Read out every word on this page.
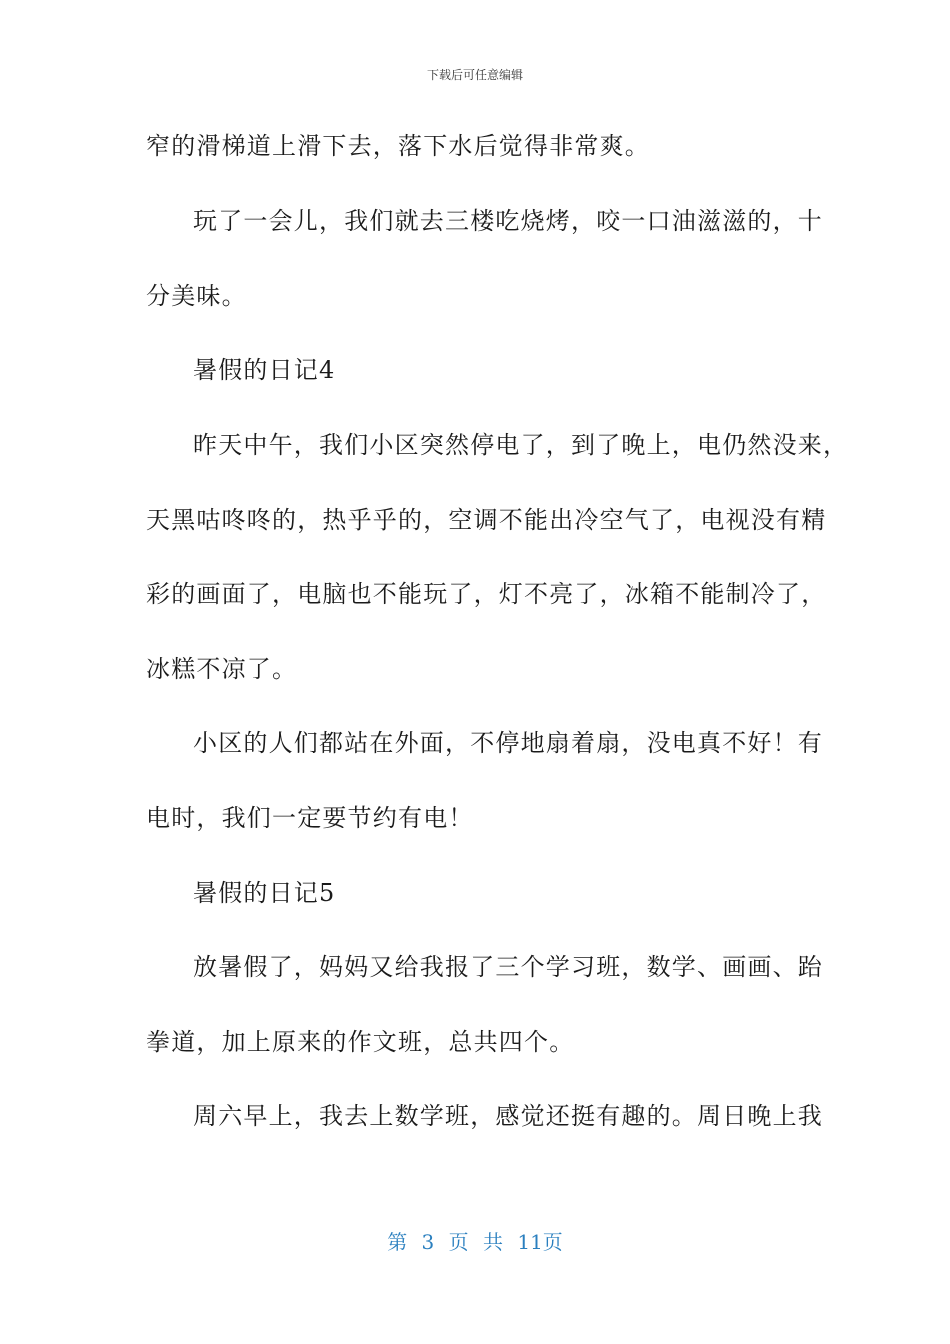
下载后可任意编辑
窄的滑梯道上滑下去，落下水后觉得非常爽。
玩了一会儿，我们就去三楼吃烧烤，咬一口油滋滋的，十
分美味。
暑假的日记4
昨天中午，我们小区突然停电了，到了晚上，电仍然没来，
天黑咕咚咚的，热乎乎的，空调不能出冷空气了，电视没有精
彩的画面了，电脑也不能玩了，灯不亮了，冰箱不能制冷了，
冰糕不凉了。
小区的人们都站在外面，不停地扇着扇，没电真不好！有
电时，我们一定要节约有电！
暑假的日记5
放暑假了，妈妈又给我报了三个学习班，数学、画画、跆
拳道，加上原来的作文班，总共四个。
周六早上，我去上数学班，感觉还挺有趣的。周日晚上我
第 3 页 共 11页
